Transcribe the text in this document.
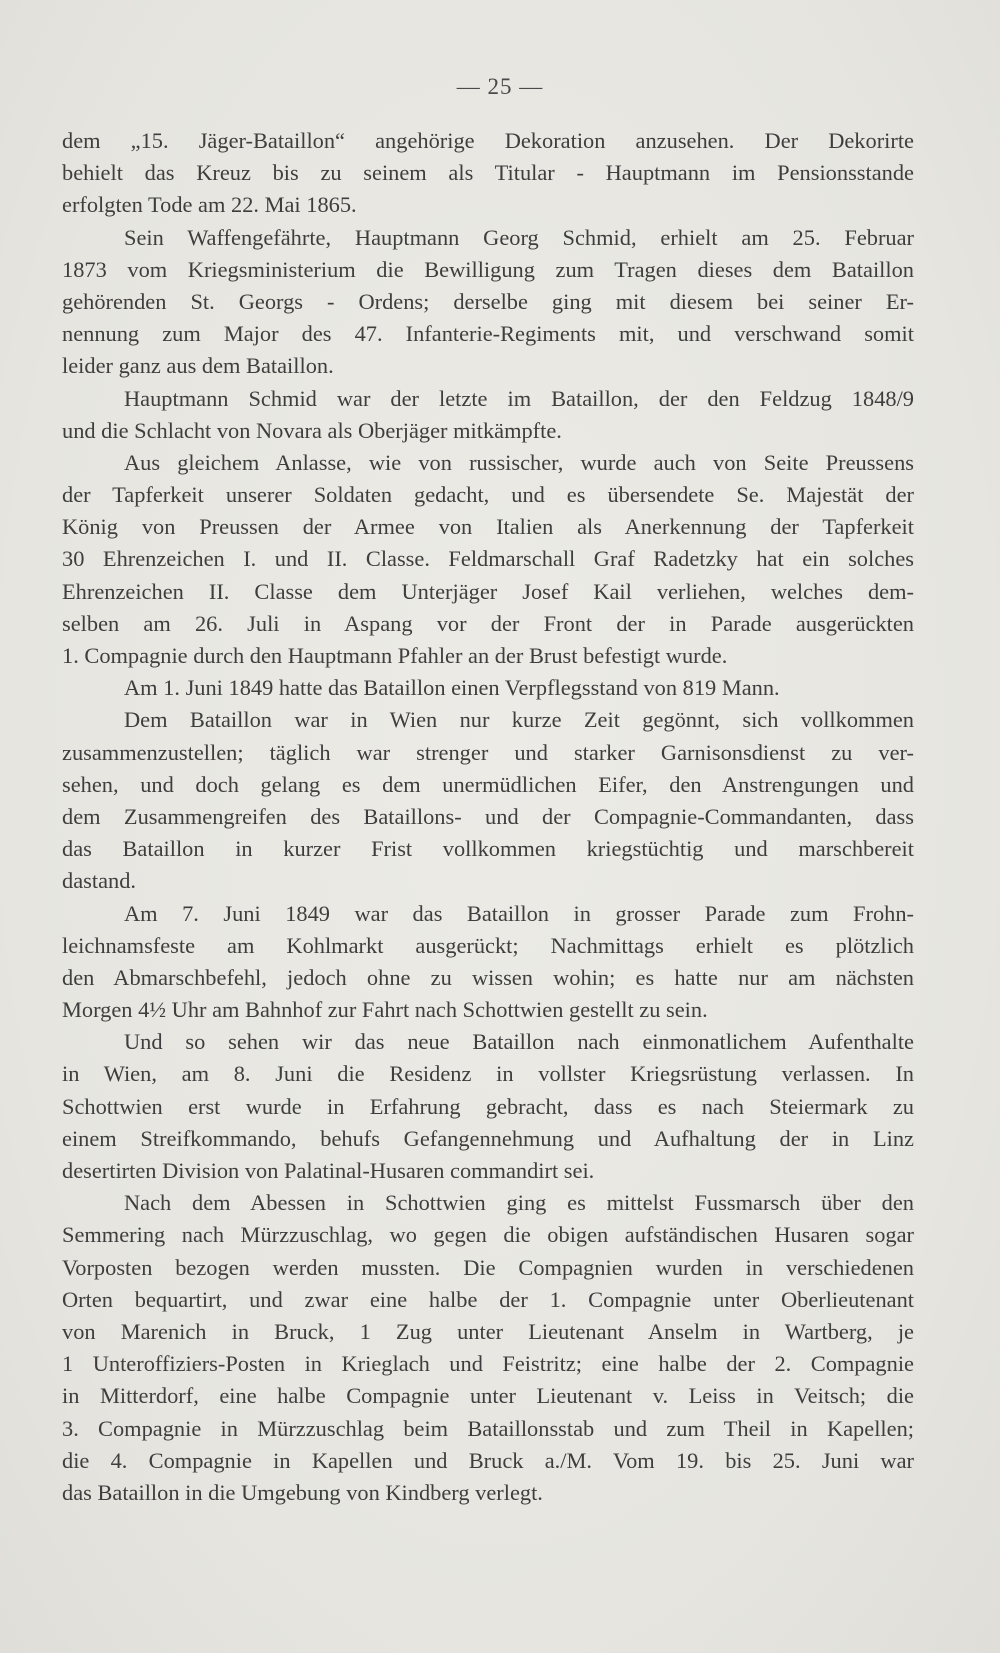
— 25 —
dem „15. Jäger-Bataillon“ angehörige Dekoration anzusehen. Der Dekorirte
behielt das Kreuz bis zu seinem als Titular - Hauptmann im Pensionsstande
erfolgten Tode am 22. Mai 1865.
Sein Waffengefährte, Hauptmann Georg Schmid, erhielt am 25. Februar
1873 vom Kriegsministerium die Bewilligung zum Tragen dieses dem Bataillon
gehörenden St. Georgs - Ordens; derselbe ging mit diesem bei seiner Er-
nennung zum Major des 47. Infanterie-Regiments mit, und verschwand somit
leider ganz aus dem Bataillon.
Hauptmann Schmid war der letzte im Bataillon, der den Feldzug 1848/9
und die Schlacht von Novara als Oberjäger mitkämpfte.
Aus gleichem Anlasse, wie von russischer, wurde auch von Seite Preussens
der Tapferkeit unserer Soldaten gedacht, und es übersendete Se. Majestät der
König von Preussen der Armee von Italien als Anerkennung der Tapferkeit
30 Ehrenzeichen I. und II. Classe. Feldmarschall Graf Radetzky hat ein solches
Ehrenzeichen II. Classe dem Unterjäger Josef Kail verliehen, welches dem-
selben am 26. Juli in Aspang vor der Front der in Parade ausgerückten
1. Compagnie durch den Hauptmann Pfahler an der Brust befestigt wurde.
Am 1. Juni 1849 hatte das Bataillon einen Verpflegsstand von 819 Mann.
Dem Bataillon war in Wien nur kurze Zeit gegönnt, sich vollkommen
zusammenzustellen; täglich war strenger und starker Garnisonsdienst zu ver-
sehen, und doch gelang es dem unermüdlichen Eifer, den Anstrengungen und
dem Zusammengreifen des Bataillons- und der Compagnie-Commandanten, dass
das Bataillon in kurzer Frist vollkommen kriegstüchtig und marschbereit
dastand.
Am 7. Juni 1849 war das Bataillon in grosser Parade zum Frohn-
leichnamsfeste am Kohlmarkt ausgerückt; Nachmittags erhielt es plötzlich
den Abmarschbefehl, jedoch ohne zu wissen wohin; es hatte nur am nächsten
Morgen 4½ Uhr am Bahnhof zur Fahrt nach Schottwien gestellt zu sein.
Und so sehen wir das neue Bataillon nach einmonatlichem Aufenthalte
in Wien, am 8. Juni die Residenz in vollster Kriegsrüstung verlassen. In
Schottwien erst wurde in Erfahrung gebracht, dass es nach Steiermark zu
einem Streifkommando, behufs Gefangennehmung und Aufhaltung der in Linz
desertirten Division von Palatinal-Husaren commandirt sei.
Nach dem Abessen in Schottwien ging es mittelst Fussmarsch über den
Semmering nach Mürzzuschlag, wo gegen die obigen aufständischen Husaren sogar
Vorposten bezogen werden mussten. Die Compagnien wurden in verschiedenen
Orten bequartirt, und zwar eine halbe der 1. Compagnie unter Oberlieutenant
von Marenich in Bruck, 1 Zug unter Lieutenant Anselm in Wartberg, je
1 Unteroffiziers-Posten in Krieglach und Feistritz; eine halbe der 2. Compagnie
in Mitterdorf, eine halbe Compagnie unter Lieutenant v. Leiss in Veitsch; die
3. Compagnie in Mürzzuschlag beim Bataillonsstab und zum Theil in Kapellen;
die 4. Compagnie in Kapellen und Bruck a./M. Vom 19. bis 25. Juni war
das Bataillon in die Umgebung von Kindberg verlegt.
